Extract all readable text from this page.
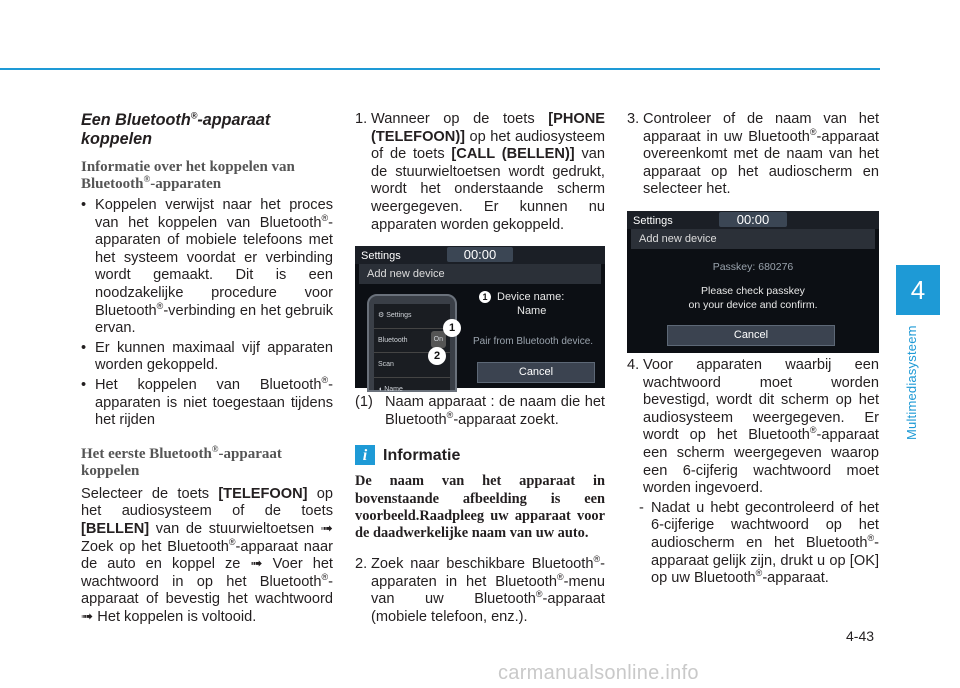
4
Multimediasysteem
4-43
carmanualsonline.info
Een Bluetooth®-apparaat koppelen
Informatie over het koppelen van Bluetooth®-apparaten
• Koppelen verwijst naar het proces van het koppelen van Bluetooth®-apparaten of mobiele telefoons met het systeem voordat er verbinding wordt gemaakt. Dit is een noodzakelijke procedure voor Bluetooth®-verbinding en het gebruik ervan.
• Er kunnen maximaal vijf apparaten worden gekoppeld.
• Het koppelen van Bluetooth®-apparaten is niet toegestaan tijdens het rijden
Het eerste Bluetooth®-apparaat koppelen
Selecteer de toets [TELEFOON] op het audiosysteem of de toets [BELLEN] van de stuurwieltoetsen ➟ Zoek op het Bluetooth®-apparaat naar de auto en koppel ze ➟ Voer het wachtwoord in op het Bluetooth®-apparaat of bevestig het wachtwoord ➟ Het koppelen is voltooid.
1. Wanneer op de toets [PHONE (TELEFOON)] op het audiosysteem of de toets [CALL (BELLEN)] van de stuurwieltoetsen wordt gedrukt, wordt het onderstaande scherm weergegeven. Er kunnen nu apparaten worden gekoppeld.
Settings	00:00
Add new device
⚙ Settings
Bluetooth	On
Scan
◖ Name
1
2
1 Device name:
Name
Pair from Bluetooth device.
Cancel
(1) Naam apparaat : de naam die het Bluetooth®-apparaat zoekt.
i Informatie
De naam van het apparaat in bovenstaande afbeelding is een voorbeeld.Raadpleeg uw apparaat voor de daadwerkelijke naam van uw auto.
2. Zoek naar beschikbare Bluetooth®-apparaten in het Bluetooth®-menu van uw Bluetooth®-apparaat (mobiele telefoon, enz.).
3. Controleer of de naam van het apparaat in uw Bluetooth®-apparaat overeenkomt met de naam van het apparaat op het audioscherm en selecteer het.
Settings	00:00
Add new device
Passkey: 680276
Please check passkey
on your device and confirm.
Cancel
4. Voor apparaten waarbij een wachtwoord moet worden bevestigd, wordt dit scherm op het audiosysteem weergegeven. Er wordt op het Bluetooth®-apparaat een scherm weergegeven waarop een 6-cijferig wachtwoord moet worden ingevoerd.
- Nadat u hebt gecontroleerd of het 6-cijferige wachtwoord op het audioscherm en het Bluetooth®-apparaat gelijk zijn, drukt u op [OK] op uw Bluetooth®-apparaat.
